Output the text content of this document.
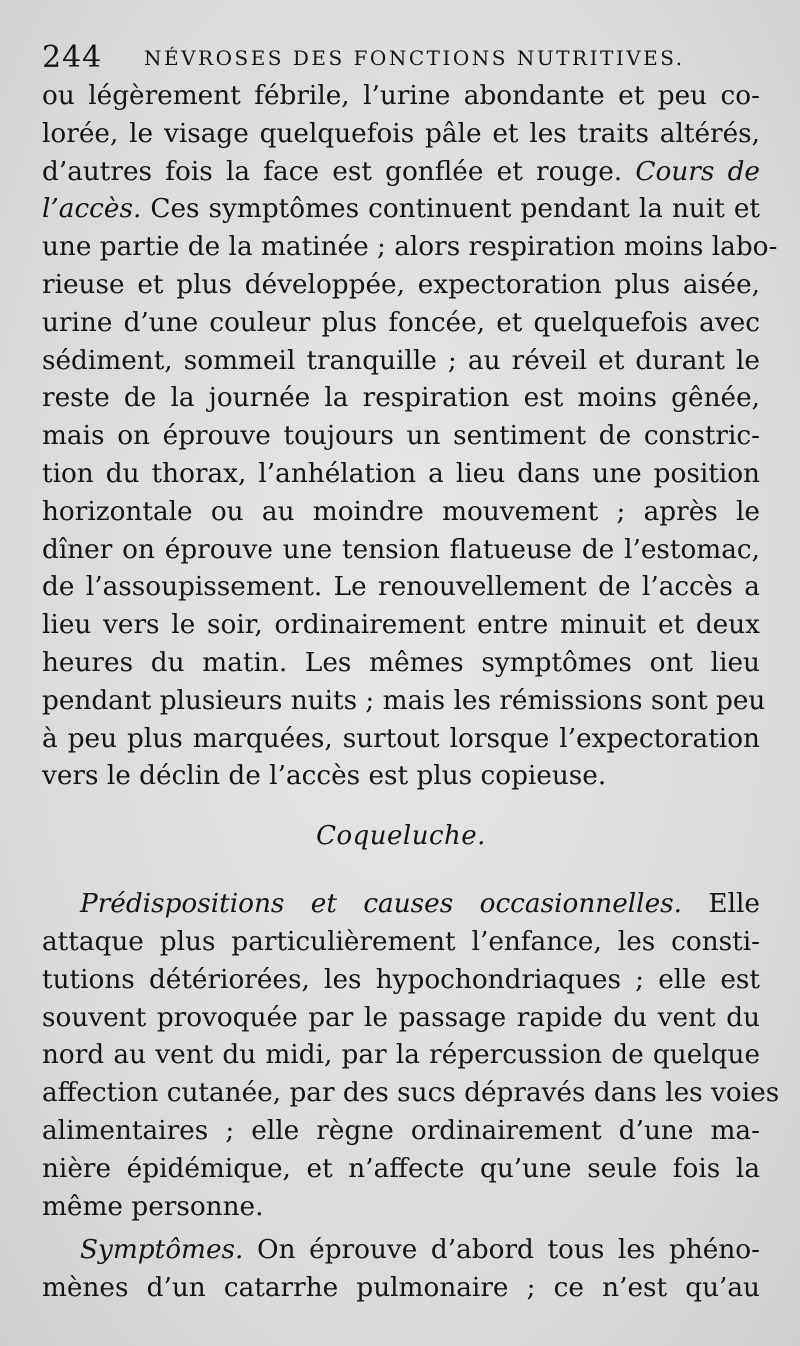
244 NÉVROSES DES FONCTIONS NUTRITIVES.
ou légèrement fébrile, l’urine abondante et peu co-
lorée, le visage quelquefois pâle et les traits altérés,
d’autres fois la face est gonflée et rouge. Cours de
l’accès. Ces symptômes continuent pendant la nuit et
une partie de la matinée ; alors respiration moins labo-
rieuse et plus développée, expectoration plus aisée,
urine d’une couleur plus foncée, et quelquefois avec
sédiment, sommeil tranquille ; au réveil et durant le
reste de la journée la respiration est moins gênée,
mais on éprouve toujours un sentiment de constric-
tion du thorax, l’anhélation a lieu dans une position
horizontale ou au moindre mouvement ; après le
dîner on éprouve une tension flatueuse de l’estomac,
de l’assoupissement. Le renouvellement de l’accès a
lieu vers le soir, ordinairement entre minuit et deux
heures du matin. Les mêmes symptômes ont lieu
pendant plusieurs nuits ; mais les rémissions sont peu
à peu plus marquées, surtout lorsque l’expectoration
vers le déclin de l’accès est plus copieuse.
Coqueluche.
Prédispositions et causes occasionnelles. Elle
attaque plus particulièrement l’enfance, les consti-
tutions détériorées, les hypochondriaques ; elle est
souvent provoquée par le passage rapide du vent du
nord au vent du midi, par la répercussion de quelque
affection cutanée, par des sucs dépravés dans les voies
alimentaires ; elle règne ordinairement d’une ma-
nière épidémique, et n’affecte qu’une seule fois la
même personne.
Symptômes. On éprouve d’abord tous les phéno-
mènes d’un catarrhe pulmonaire ; ce n’est qu’au
